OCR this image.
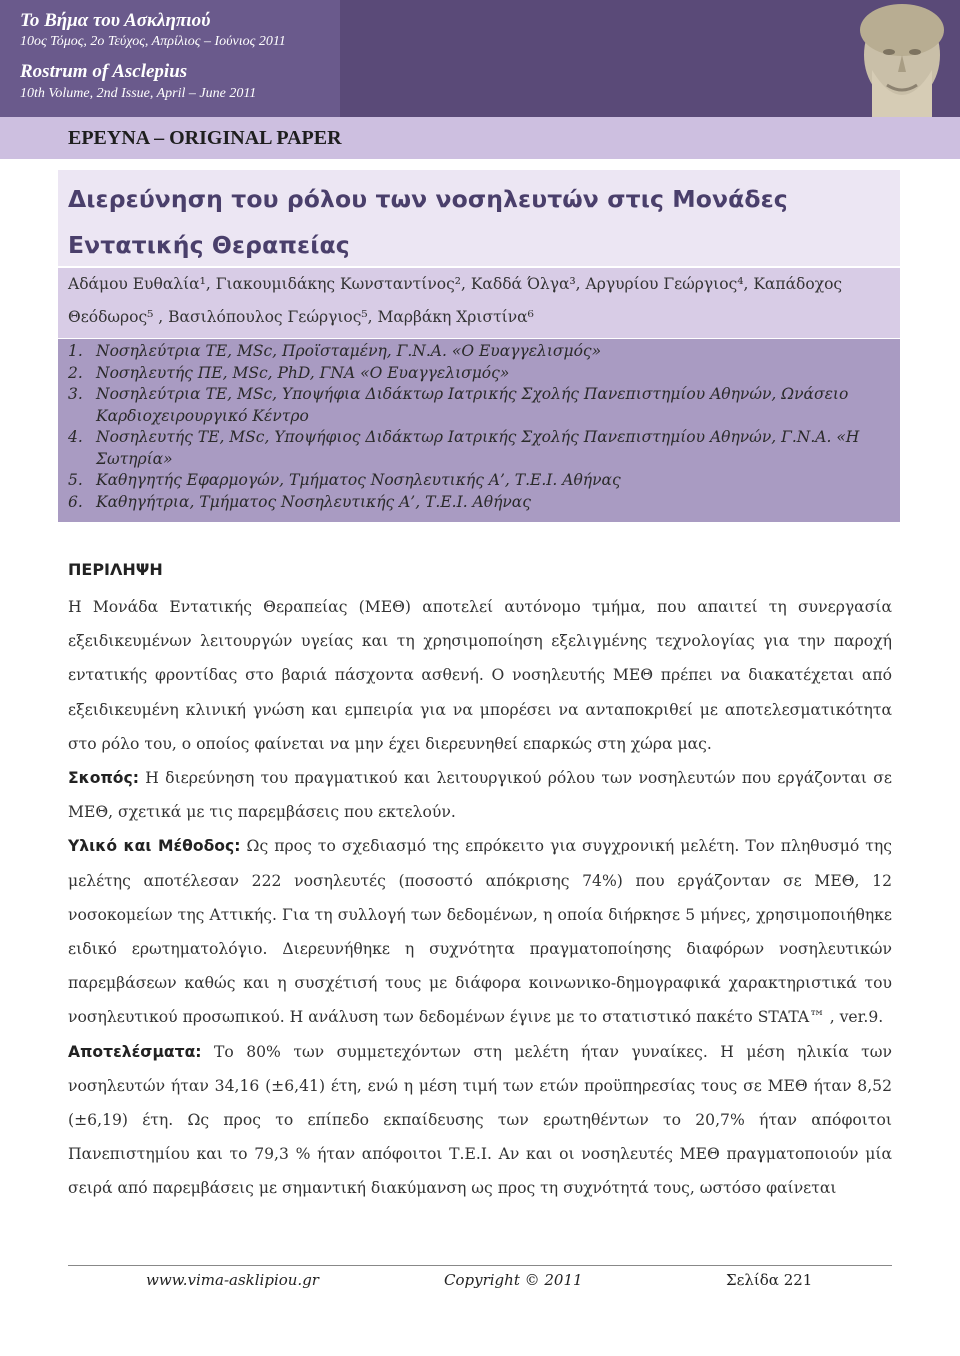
Το Βήμα του Ασκληπιού
10ος Τόμος, 2ο Τεύχος, Απρίλιος – Ιούνιος 2011
Rostrum of Asclepius
10th Volume, 2nd Issue, April – June 2011
ΕΡΕΥΝΑ – ORIGINAL PAPER
Διερεύνηση του ρόλου των νοσηλευτών στις Μονάδες Εντατικής Θεραπείας
Αδάμου Ευθαλία¹, Γιακουμιδάκης Κωνσταντίνος², Καδδά Όλγα³, Αργυρίου Γεώργιος⁴, Καπάδοχος Θεόδωρος⁵ , Βασιλόπουλος Γεώργιος⁵, Μαρβάκη Χριστίνα⁶
1. Νοσηλεύτρια ΤΕ, MSc, Προϊσταμένη, Γ.Ν.Α. «Ο Ευαγγελισμός»
2. Νοσηλευτής ΠΕ, MSc, PhD, ΓΝΑ «Ο Ευαγγελισμός»
3. Νοσηλεύτρια ΤΕ, MSc, Υποψήφια Διδάκτωρ Ιατρικής Σχολής Πανεπιστημίου Αθηνών, Ωνάσειο Καρδιοχειρουργικό Κέντρο
4. Νοσηλευτής ΤΕ, MSc, Υποψήφιος Διδάκτωρ Ιατρικής Σχολής Πανεπιστημίου Αθηνών, Γ.Ν.Α. «Η Σωτηρία»
5. Καθηγητής Εφαρμογών, Τμήματος Νοσηλευτικής Α’, Τ.Ε.Ι. Αθήνας
6. Καθηγήτρια, Τμήματος Νοσηλευτικής Α’, Τ.Ε.Ι. Αθήνας
ΠΕΡΙΛΗΨΗ

Η Μονάδα Εντατικής Θεραπείας (ΜΕΘ) αποτελεί αυτόνομο τμήμα, που απαιτεί τη συνεργασία εξειδικευμένων λειτουργών υγείας και τη χρησιμοποίηση εξελιγμένης τεχνολογίας για την παροχή εντατικής φροντίδας στο βαριά πάσχοντα ασθενή. Ο νοσηλευτής ΜΕΘ πρέπει να διακατέχεται από εξειδικευμένη κλινική γνώση και εμπειρία για να μπορέσει να ανταποκριθεί με αποτελεσματικότητα στο ρόλο του, ο οποίος φαίνεται να μην έχει διερευνηθεί επαρκώς στη χώρα μας.

Σκοπός: Η διερεύνηση του πραγματικού και λειτουργικού ρόλου των νοσηλευτών που εργάζονται σε ΜΕΘ, σχετικά με τις παρεμβάσεις που εκτελούν.

Υλικό και Μέθοδος: Ως προς το σχεδιασμό της επρόκειτο για συγχρονική μελέτη. Τον πληθυσμό της μελέτης αποτέλεσαν 222 νοσηλευτές (ποσοστό απόκρισης 74%) που εργάζονταν σε ΜΕΘ, 12 νοσοκομείων της Αττικής. Για τη συλλογή των δεδομένων, η οποία διήρκησε 5 μήνες, χρησιμοποιήθηκε ειδικό ερωτηματολόγιο. Διερευνήθηκε η συχνότητα πραγματοποίησης διαφόρων νοσηλευτικών παρεμβάσεων καθώς και η συσχέτισή τους με διάφορα κοινωνικο-δημογραφικά χαρακτηριστικά του νοσηλευτικού προσωπικού. Η ανάλυση των δεδομένων έγινε με το στατιστικό πακέτο STATA™ , ver.9.

Αποτελέσματα: Το 80% των συμμετεχόντων στη μελέτη ήταν γυναίκες. Η μέση ηλικία των νοσηλευτών ήταν 34,16 (±6,41) έτη, ενώ η μέση τιμή των ετών προϋπηρεσίας τους σε ΜΕΘ ήταν 8,52 (±6,19) έτη. Ως προς το επίπεδο εκπαίδευσης των ερωτηθέντων το 20,7% ήταν απόφοιτοι Πανεπιστημίου και το 79,3 % ήταν απόφοιτοι Τ.Ε.Ι. Αν και οι νοσηλευτές ΜΕΘ πραγματοποιούν μία σειρά από παρεμβάσεις με σημαντική διακύμανση ως προς τη συχνότητά τους, ωστόσο φαίνεται

www.vima-asklipiou.gr	Copyright © 2011	Σελίδα 221
